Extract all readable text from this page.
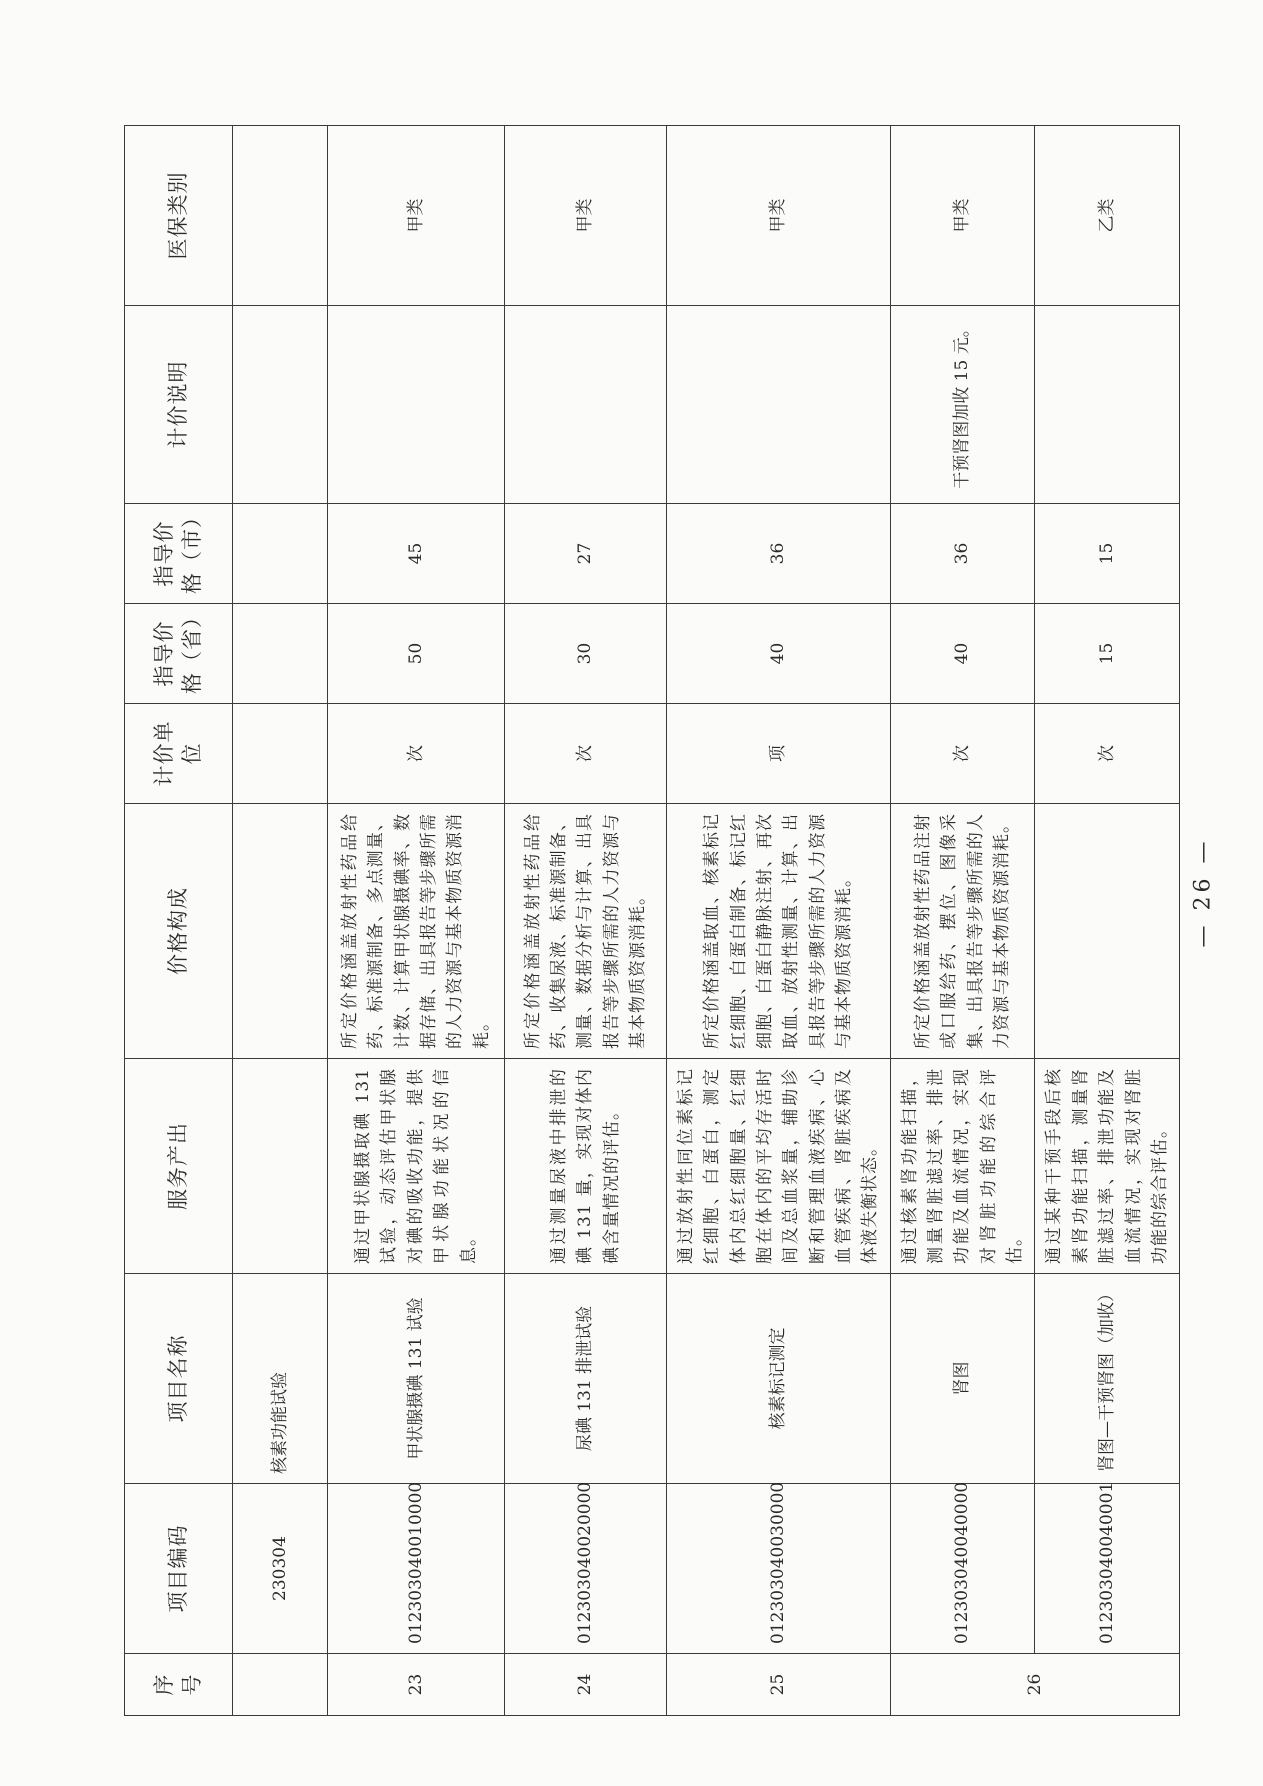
序号	项目编码	项目名称	服务产出	价格构成	计价单位	指导价格（省）	指导价格（市）	计价说明	医保类别
	230304	核素功能试验							
23	012303040010000	甲状腺摄碘 131 试验	通过甲状腺摄取碘 131 试验，动态评估甲状腺对碘的吸收功能，提供甲状腺功能状况的信息。	所定价格涵盖放射性药品给药、标准源制备、多点测量、计数、计算甲状腺摄碘率、数据存储、出具报告等步骤所需的人力资源与基本物质资源消耗。	次	50	45		甲类
24	012303040020000	尿碘 131 排泄试验	通过测量尿液中排泄的碘 131 量，实现对体内碘含量情况的评估。	所定价格涵盖放射性药品给药、收集尿液、标准源制备、测量、数据分析与计算、出具报告等步骤所需的人力资源与基本物质资源消耗。	次	30	27		甲类
25	012303040030000	核素标记测定	通过放射性同位素标记红细胞、白蛋白，测定体内总红细胞量、红细胞在体内的平均存活时间及总血浆量，辅助诊断和管理血液疾病、心血管疾病、肾脏疾病及体液失衡状态。	所定价格涵盖取血、核素标记红细胞、白蛋白制备、标记红细胞、白蛋白静脉注射、再次取血、放射性测量、计算、出具报告等步骤所需的人力资源与基本物质资源消耗。	项	40	36		甲类
26	012303040040000	肾图	通过核素肾功能扫描，测量肾脏滤过率、排泄功能及血流情况，实现对肾脏功能的综合评估。	所定价格涵盖放射性药品注射或口服给药、摆位、图像采集、出具报告等步骤所需的人力资源与基本物质资源消耗。	次	40	36	干预肾图加收 15 元。	甲类
	012303040040001	肾图—干预肾图（加收）	通过某种干预手段后核素肾功能扫描，测量肾脏滤过率、排泄功能及血流情况，实现对肾脏功能的综合评估。		次	15	15		乙类
— 26 —
